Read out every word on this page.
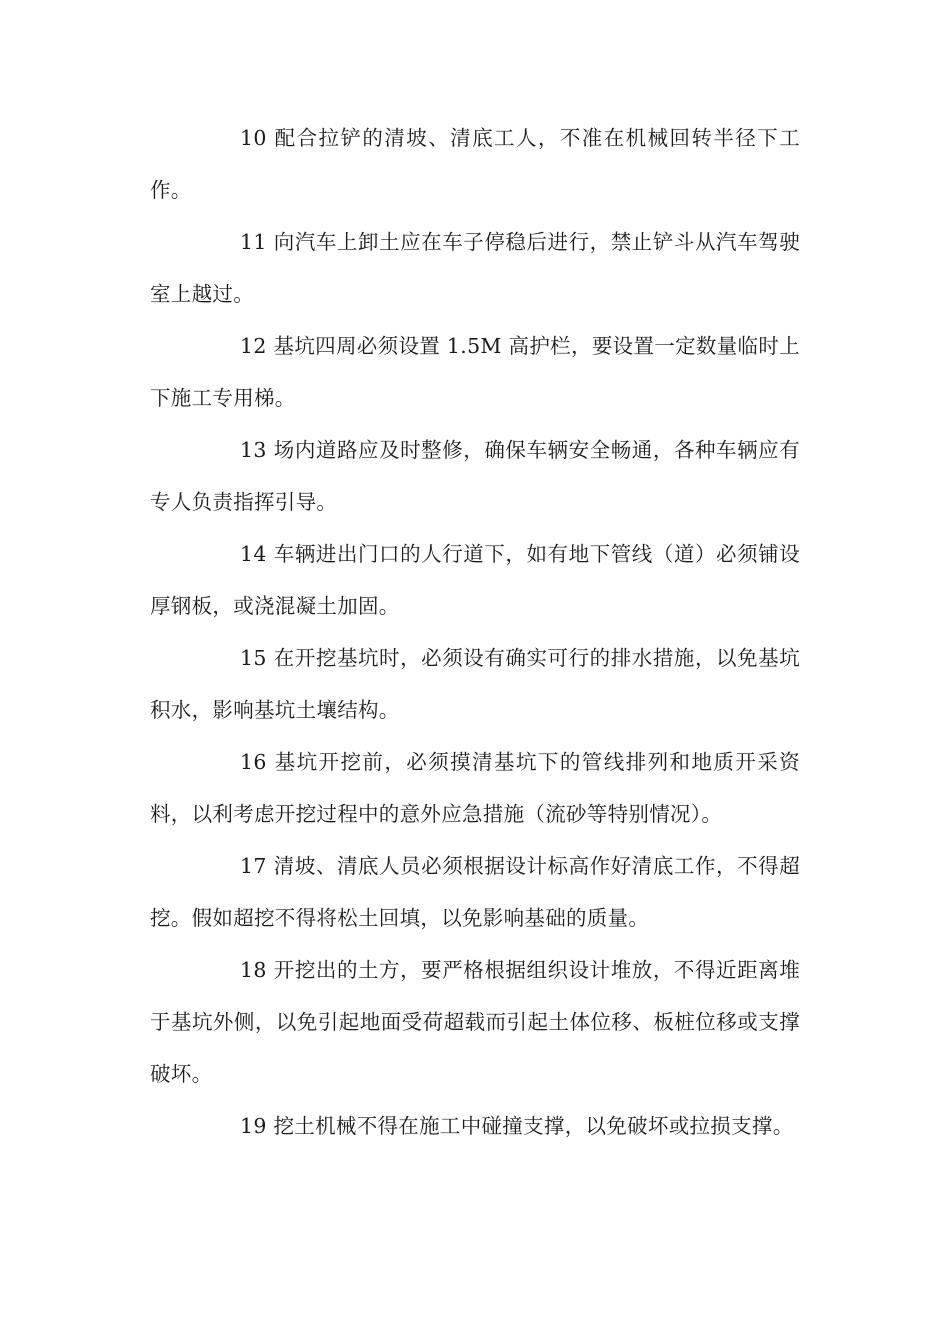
10 配合拉铲的清坡、清底工人，不准在机械回转半径下工作。

11 向汽车上卸土应在车子停稳后进行，禁止铲斗从汽车驾驶室上越过。

12 基坑四周必须设置 1.5M 高护栏，要设置一定数量临时上下施工专用梯。

13 场内道路应及时整修，确保车辆安全畅通，各种车辆应有专人负责指挥引导。

14 车辆进出门口的人行道下，如有地下管线（道）必须铺设厚钢板，或浇混凝土加固。

15 在开挖基坑时，必须设有确实可行的排水措施，以免基坑积水，影响基坑土壤结构。

16 基坑开挖前，必须摸清基坑下的管线排列和地质开采资料，以利考虑开挖过程中的意外应急措施（流砂等特别情况）。

17 清坡、清底人员必须根据设计标高作好清底工作，不得超挖。假如超挖不得将松土回填，以免影响基础的质量。

18 开挖出的土方，要严格根据组织设计堆放，不得近距离堆于基坑外侧，以免引起地面受荷超载而引起土体位移、板桩位移或支撑破坏。

19 挖土机械不得在施工中碰撞支撑，以免破坏或拉损支撑。
